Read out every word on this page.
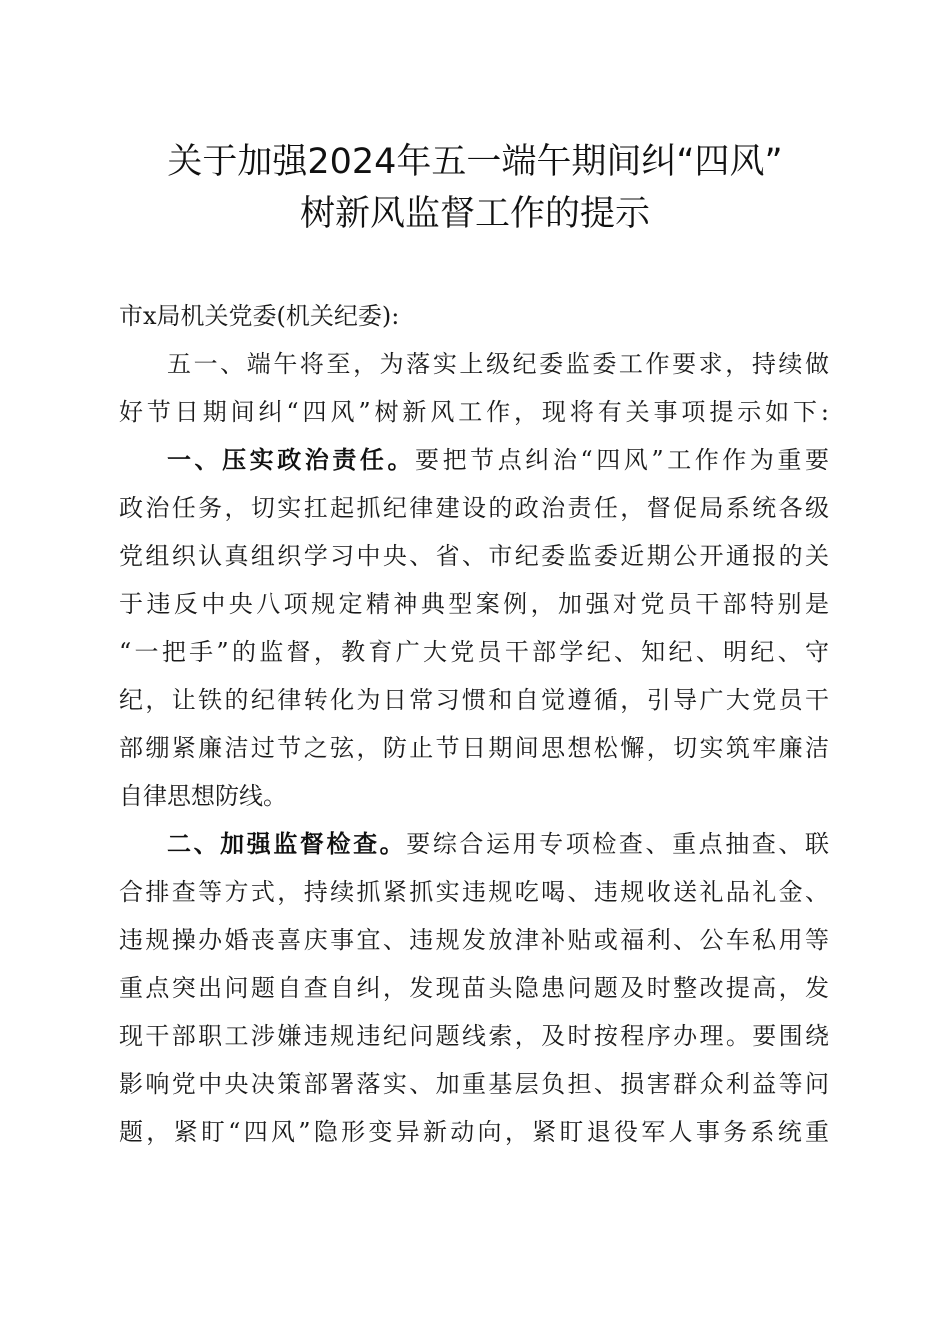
关于加强2024年五一端午期间纠“四风”
树新风监督工作的提示
市x局机关党委(机关纪委):
五一、端午将至，为落实上级纪委监委工作要求，持续做
好节日期间纠“四风”树新风工作，现将有关事项提示如下:
一、压实政治责任。要把节点纠治“四风”工作作为重要
政治任务，切实扛起抓纪律建设的政治责任，督促局系统各级
党组织认真组织学习中央、省、市纪委监委近期公开通报的关
于违反中央八项规定精神典型案例，加强对党员干部特别是
“一把手”的监督，教育广大党员干部学纪、知纪、明纪、守
纪，让铁的纪律转化为日常习惯和自觉遵循，引导广大党员干
部绷紧廉洁过节之弦，防止节日期间思想松懈，切实筑牢廉洁
自律思想防线。
二、加强监督检查。要综合运用专项检查、重点抽查、联
合排查等方式，持续抓紧抓实违规吃喝、违规收送礼品礼金、
违规操办婚丧喜庆事宜、违规发放津补贴或福利、公车私用等
重点突出问题自查自纠，发现苗头隐患问题及时整改提高，发
现干部职工涉嫌违规违纪问题线索，及时按程序办理。要围绕
影响党中央决策部署落实、加重基层负担、损害群众利益等问
题，紧盯“四风”隐形变异新动向，紧盯退役军人事务系统重
